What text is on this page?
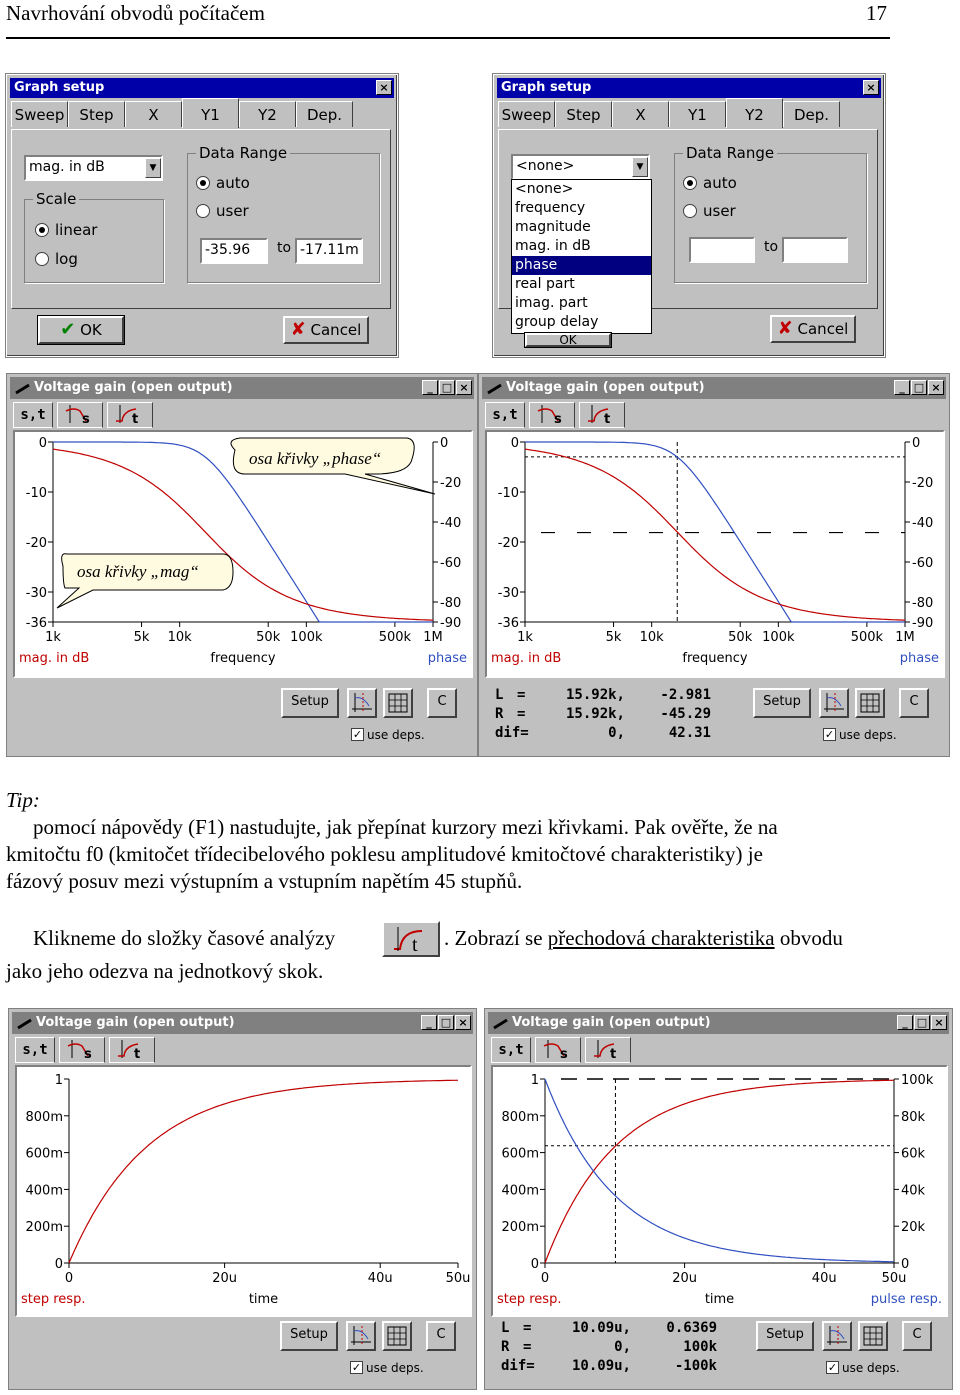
Navrhování obvodů počítačem	17
Graph setup	×
Sweep	Step	X	Y1	Y2	Dep.
mag. in dB	▼
Scale
linear
log
Data Range
auto
user
-35.96	to -17.11m
✔ OK	✘ Cancel
Graph setup	×
Sweep	Step	X	Y1	Y2	Dep.
<none>	▼
<none>
frequency
magnitude
mag. in dB
phase
real part
imag. part
group delay
Data Range
auto
user
to
OK
✘ Cancel
Voltage gain (open output)	_ □ ×
s,t	s	t
Setup	C
✓ use deps.
1k	5k 10k	50k 100k	500k 1M
0
-10
-20
-30
-36
0
-20
-40
-60
-80
-90
mag. in dB	frequency	phase
osa křivky „phase“
osa křivky „mag“
Voltage gain (open output)	_ □ ×
s,t	s	t
Setup	C
✓ use deps.
L =	15.92k,	-2.981
R =	15.92k,	-45.29
dif=	0,	42.31
1k	5k 10k	50k 100k	500k 1M
0
-10
-20
-30
-36
0
-20
-40
-60
-80
-90
mag. in dB	frequency	phase
Tip:
pomocí nápovědy (F1) nastudujte, jak přepínat kurzory mezi křivkami. Pak ověřte, že na
kmitočtu f0 (kmitočet třídecibelového poklesu amplitudové kmitočtové charakteristiky) je
fázový posuv mezi výstupním a vstupním napětím 45 stupňů.
Klikneme do složky časové analýzy	t . Zobrazí se přechodová charakteristika obvodu
jako jeho odezva na jednotkový skok.
Voltage gain (open output)	_ □ ×
s,t	s	t
Setup	C
✓ use deps.
0	20u	40u	50u
1
800m
600m
400m
200m
0
step resp.	time
Voltage gain (open output)	_ □ ×
s,t	s	t
Setup	C
✓ use deps.
L =	10.09u,	0.6369
R =	0,	100k
dif=	10.09u,	-100k
0	20u	40u	50u
1
800m
600m
400m
200m
0
100k
80k
60k
40k
20k
0
step resp.	time	pulse resp.
